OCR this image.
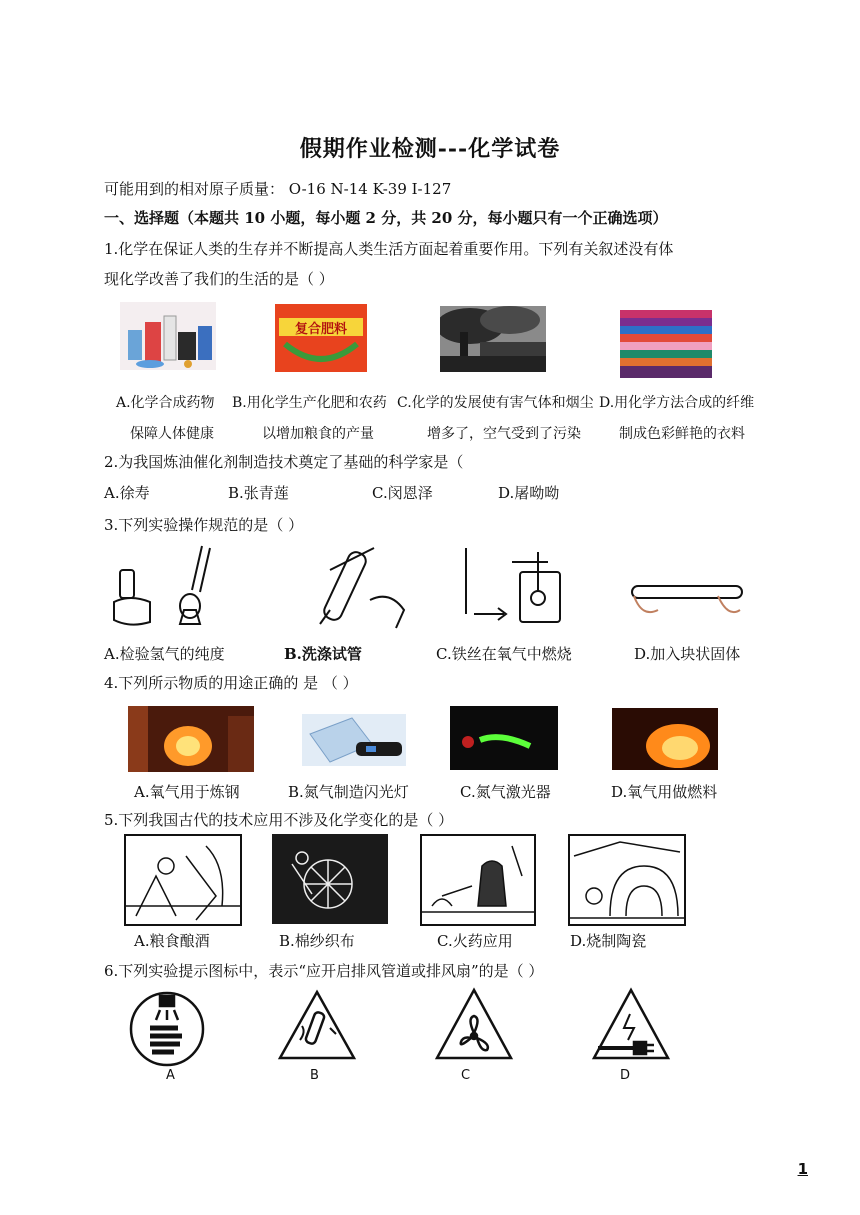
假期作业检测---化学试卷
可能用到的相对原子质量： O-16 N-14 K-39 I-127
一、选择题（本题共 10 小题，每小题 2 分，共 20 分，每小题只有一个正确选项）
1.化学在保证人类的生存并不断提高人类生活方面起着重要作用。下列有关叙述没有体
现化学改善了我们的生活的是（ ）
复合肥料
A.化学合成药物
保障人体健康
B.用化学生产化肥和农药
以增加粮食的产量
C.化学的发展使有害气体和烟尘
增多了，空气受到了污染
D.用化学方法合成的纤维
制成色彩鲜艳的衣料
2.为我国炼油催化剂制造技术奠定了基础的科学家是（
A.徐寿	B.张青莲	C.闵恩泽	D.屠呦呦
3.下列实验操作规范的是（ ）
A.检验氢气的纯度	B.洗涤试管	C.铁丝在氧气中燃烧	D.加入块状固体
4.下列所示物质的用途正确的 是 （ ）
A.氧气用于炼钢	B.氮气制造闪光灯	C.氮气激光器	D.氧气用做燃料
5.下列我国古代的技术应用不涉及化学变化的是（ ）
A.粮食酿酒	B.棉纱织布	C.火药应用	D.烧制陶瓷
6.下列实验提示图标中，表示“应开启排风管道或排风扇”的是（ ）
A	B	C	D
1
